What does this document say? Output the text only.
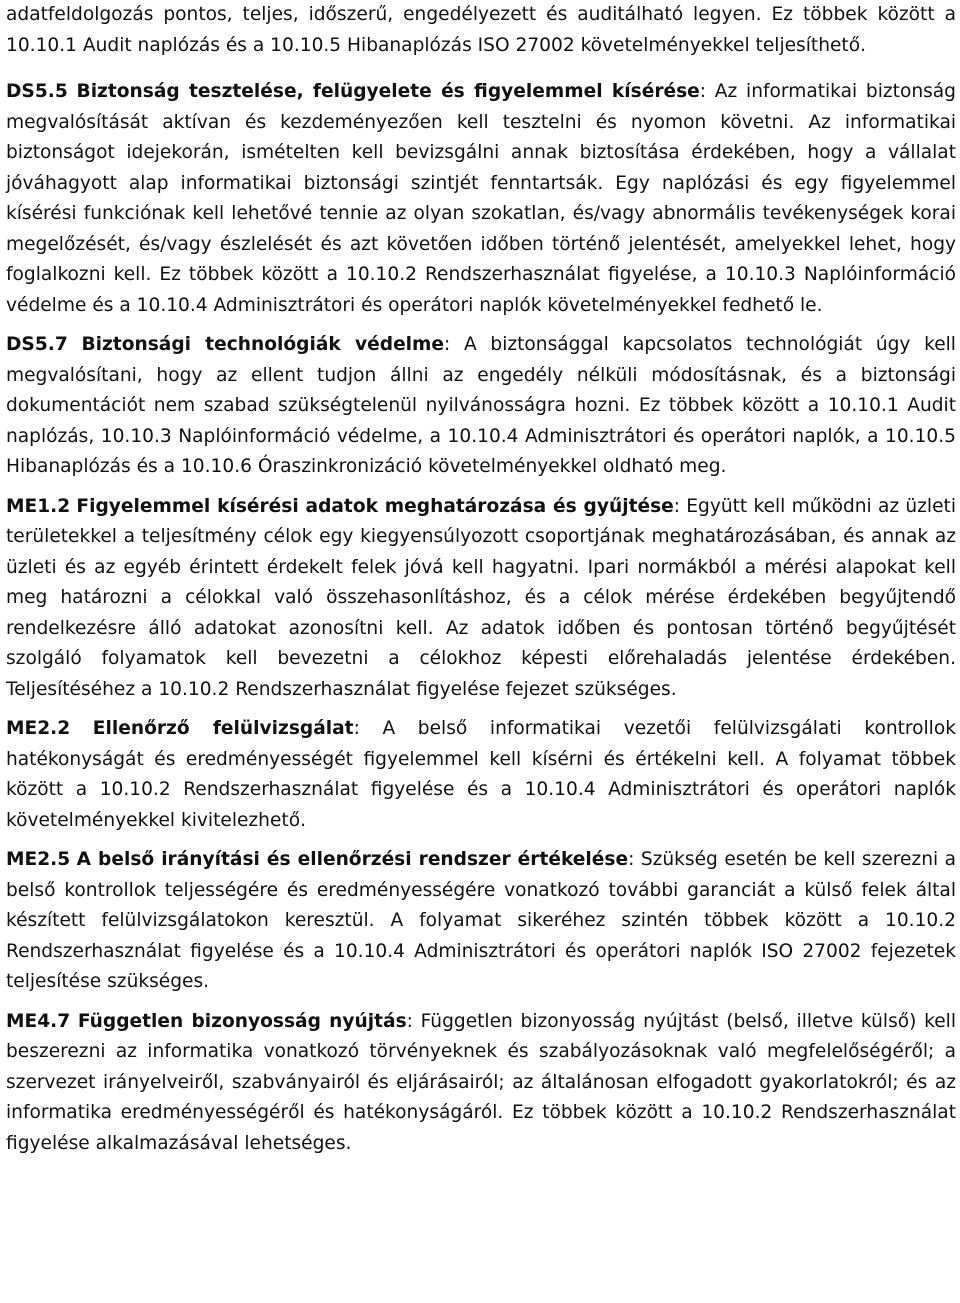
adatfeldolgozás pontos, teljes, időszerű, engedélyezett és auditálható legyen. Ez többek között a 10.10.1 Audit naplózás és a 10.10.5 Hibanaplózás ISO 27002 követelményekkel teljesíthető.

DS5.5 Biztonság tesztelése, felügyelete és figyelemmel kísérése: Az informatikai biztonság megvalósítását aktívan és kezdeményezően kell tesztelni és nyomon követni. Az informatikai biztonságot idejekorán, ismételten kell bevizsgálni annak biztosítása érdekében, hogy a vállalat jóváhagyott alap informatikai biztonsági szintjét fenntartsák. Egy naplózási és egy figyelemmel kísérési funkciónak kell lehetővé tennie az olyan szokatlan, és/vagy abnormális tevékenységek korai megelőzését, és/vagy észlelését és azt követően időben történő jelentését, amelyekkel lehet, hogy foglalkozni kell. Ez többek között a 10.10.2 Rendszerhasználat figyelése, a 10.10.3 Naplóinformáció védelme és a 10.10.4 Adminisztrátori és operátori naplók követelményekkel fedhető le.

DS5.7 Biztonsági technológiák védelme: A biztonsággal kapcsolatos technológiát úgy kell megvalósítani, hogy az ellent tudjon állni az engedély nélküli módosításnak, és a biztonsági dokumentációt nem szabad szükségtelenül nyilvánosságra hozni. Ez többek között a 10.10.1 Audit naplózás, 10.10.3 Naplóinformáció védelme, a 10.10.4 Adminisztrátori és operátori naplók, a 10.10.5 Hibanaplózás és a 10.10.6 Óraszinkronizáció követelményekkel oldható meg.

ME1.2 Figyelemmel kísérési adatok meghatározása és gyűjtése: Együtt kell működni az üzleti területekkel a teljesítmény célok egy kiegyensúlyozott csoportjának meghatározásában, és annak az üzleti és az egyéb érintett érdekelt felek jóvá kell hagyatni. Ipari normákból a mérési alapokat kell meg határozni a célokkal való összehasonlításhoz, és a célok mérése érdekében begyűjtendő rendelkezésre álló adatokat azonosítni kell. Az adatok időben és pontosan történő begyűjtését szolgáló folyamatok kell bevezetni a célokhoz képesti előrehaladás jelentése érdekében. Teljesítéséhez a 10.10.2 Rendszerhasználat figyelése fejezet szükséges.

ME2.2 Ellenőrző felülvizsgálat: A belső informatikai vezetői felülvizsgálati kontrollok hatékonyságát és eredményességét figyelemmel kell kísérni és értékelni kell. A folyamat többek között a 10.10.2 Rendszerhasználat figyelése és a 10.10.4 Adminisztrátori és operátori naplók követelményekkel kivitelezhető.

ME2.5 A belső irányítási és ellenőrzési rendszer értékelése: Szükség esetén be kell szerezni a belső kontrollok teljességére és eredményességére vonatkozó további garanciát a külső felek által készített felülvizsgálatokon keresztül. A folyamat sikeréhez szintén többek között a 10.10.2 Rendszerhasználat figyelése és a 10.10.4 Adminisztrátori és operátori naplók ISO 27002 fejezetek teljesítése szükséges.

ME4.7 Független bizonyosság nyújtás: Független bizonyosság nyújtást (belső, illetve külső) kell beszerezni az informatika vonatkozó törvényeknek és szabályozásoknak való megfelelőségéről; a szervezet irányelveiről, szabványairól és eljárásairól; az általánosan elfogadott gyakorlatokról; és az informatika eredményességéről és hatékonyságáról. Ez többek között a 10.10.2 Rendszerhasználat figyelése alkalmazásával lehetséges.
